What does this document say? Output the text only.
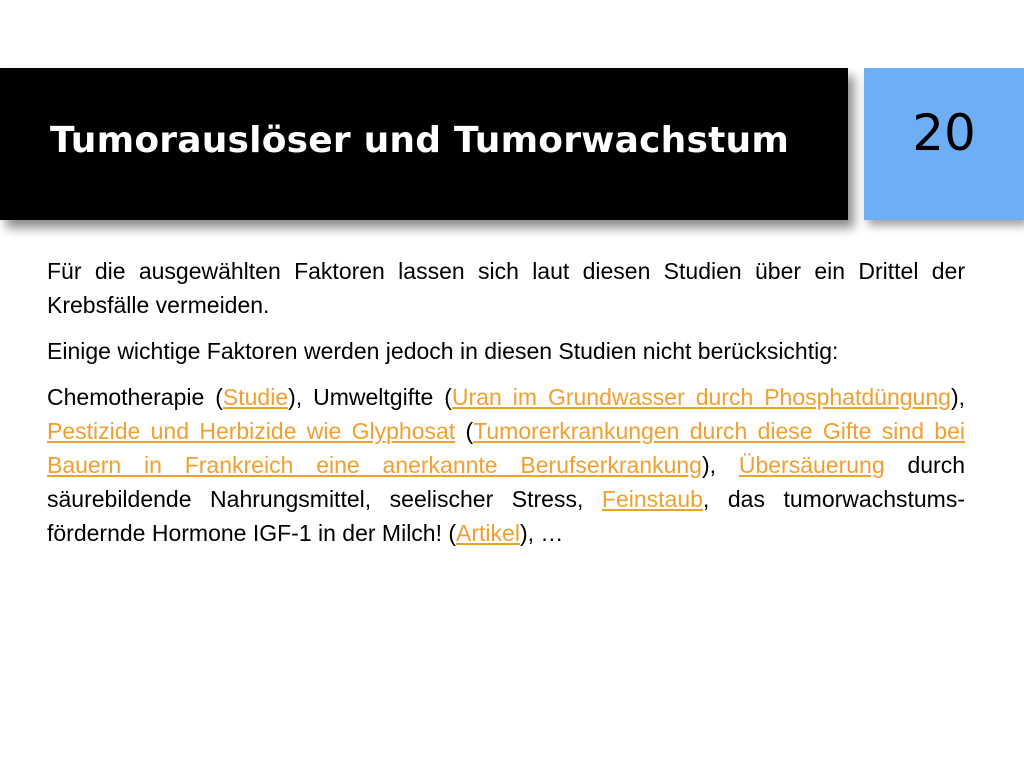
Tumorauslöser und Tumorwachstum	20

Für die ausgewählten Faktoren lassen sich laut diesen Studien über ein Drittel der Krebsfälle vermeiden.

Einige wichtige Faktoren werden jedoch in diesen Studien nicht berücksichtig:

Chemotherapie (Studie), Umweltgifte (Uran im Grundwasser durch Phosphatdüngung), Pestizide und Herbizide wie Glyphosat (Tumorerkrankungen durch diese Gifte sind bei Bauern in Frankreich eine anerkannte Berufserkrankung), Übersäuerung durch säurebildende Nahrungsmittel, seelischer Stress, Feinstaub, das tumorwachstums-fördernde Hormone IGF-1 in der Milch! (Artikel), …
